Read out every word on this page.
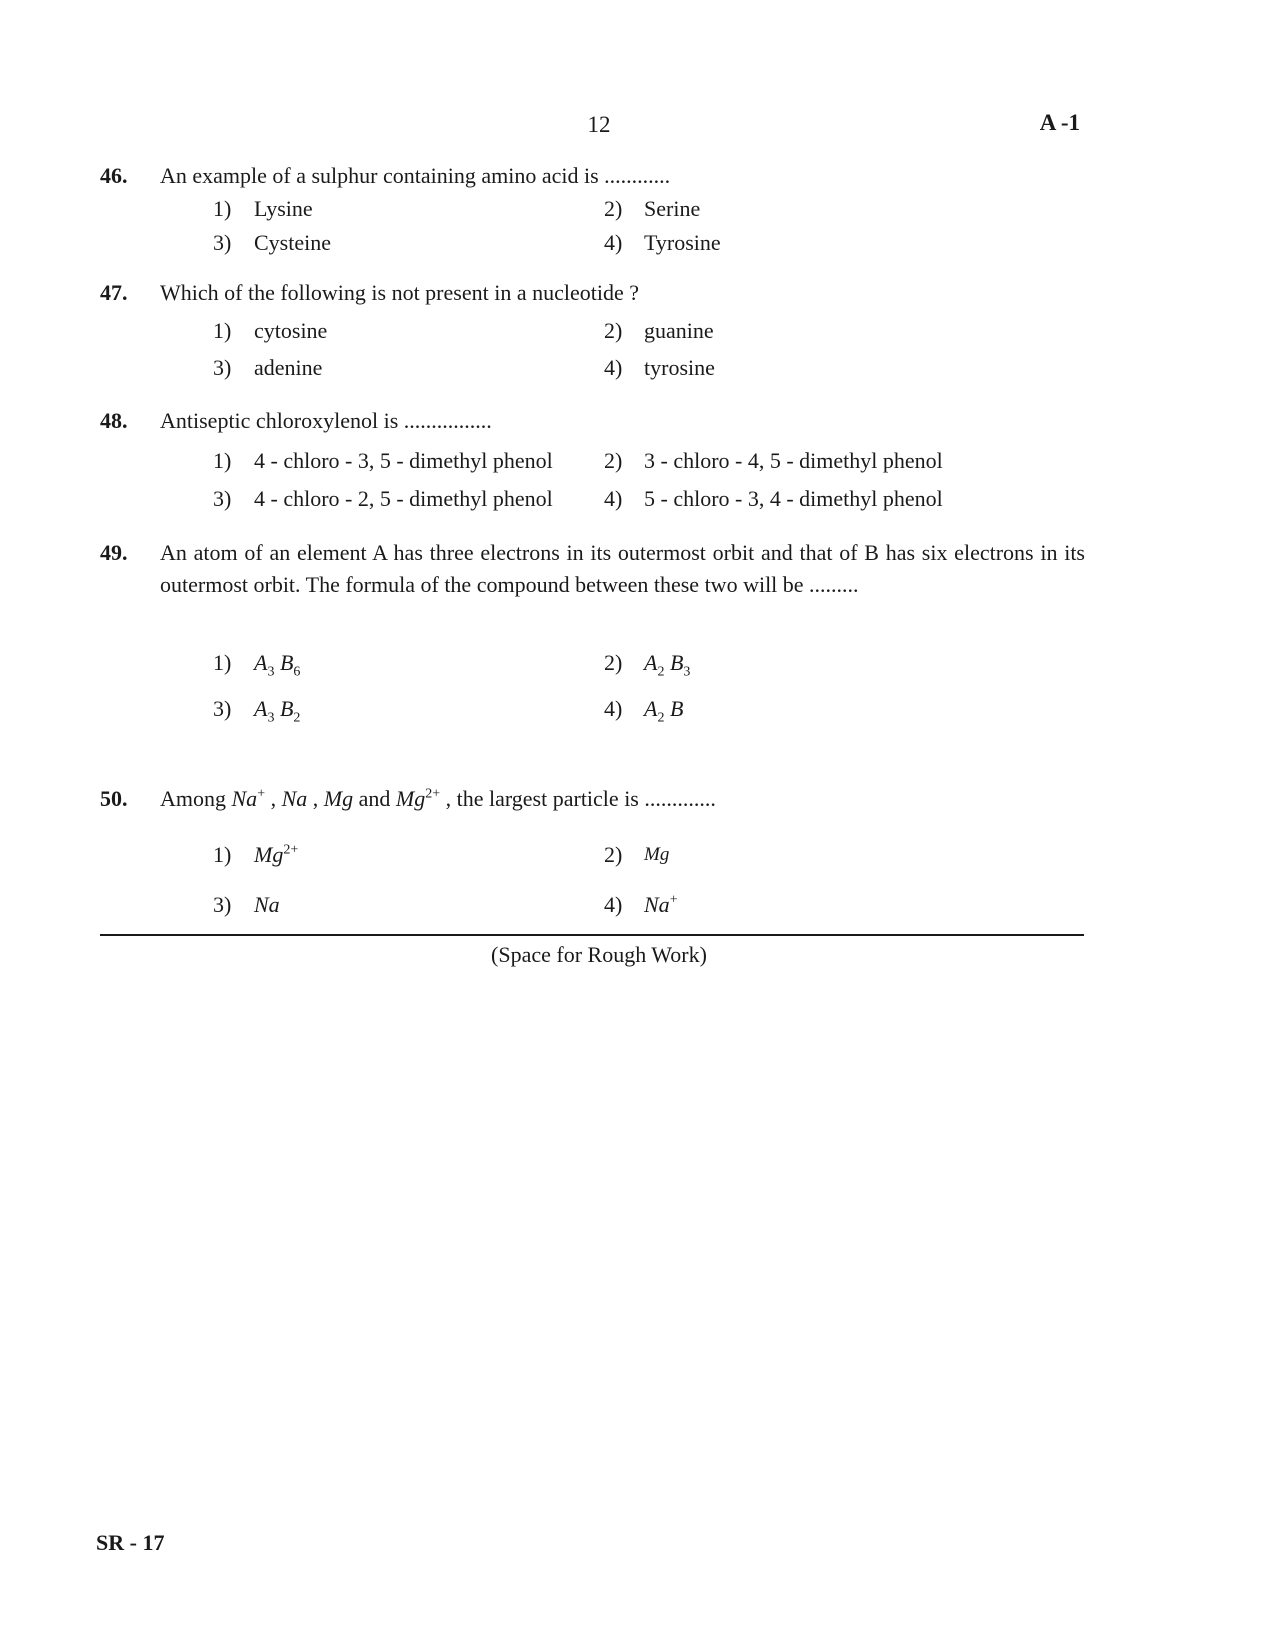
12	A -1
46. An example of a sulphur containing amino acid is ............
1) Lysine	2) Serine
3) Cysteine	4) Tyrosine
47. Which of the following is not present in a nucleotide ?
1) cytosine	2) guanine
3) adenine	4) tyrosine
48. Antiseptic chloroxylenol is ................
1) 4 - chloro - 3, 5 - dimethyl phenol 2) 3 - chloro - 4, 5 - dimethyl phenol
3) 4 - chloro - 2, 5 - dimethyl phenol 4) 5 - chloro - 3, 4 - dimethyl phenol
49. An atom of an element A has three electrons in its outermost orbit and that of B has six electrons in its outermost orbit. The formula of the compound between these two will be .........
1) $A_3$ $B_6$	2) $A_2$ $B_3$
3) $A_3$ $B_2$	4) $A_2$ B
50. Among Na+ , Na , Mg and $Mg^{2+}$ , the largest particle is .............
1) $Mg^{2+}$	2) Mg
3) Na	4) Na+
(Space for Rough Work)
SR - 17
